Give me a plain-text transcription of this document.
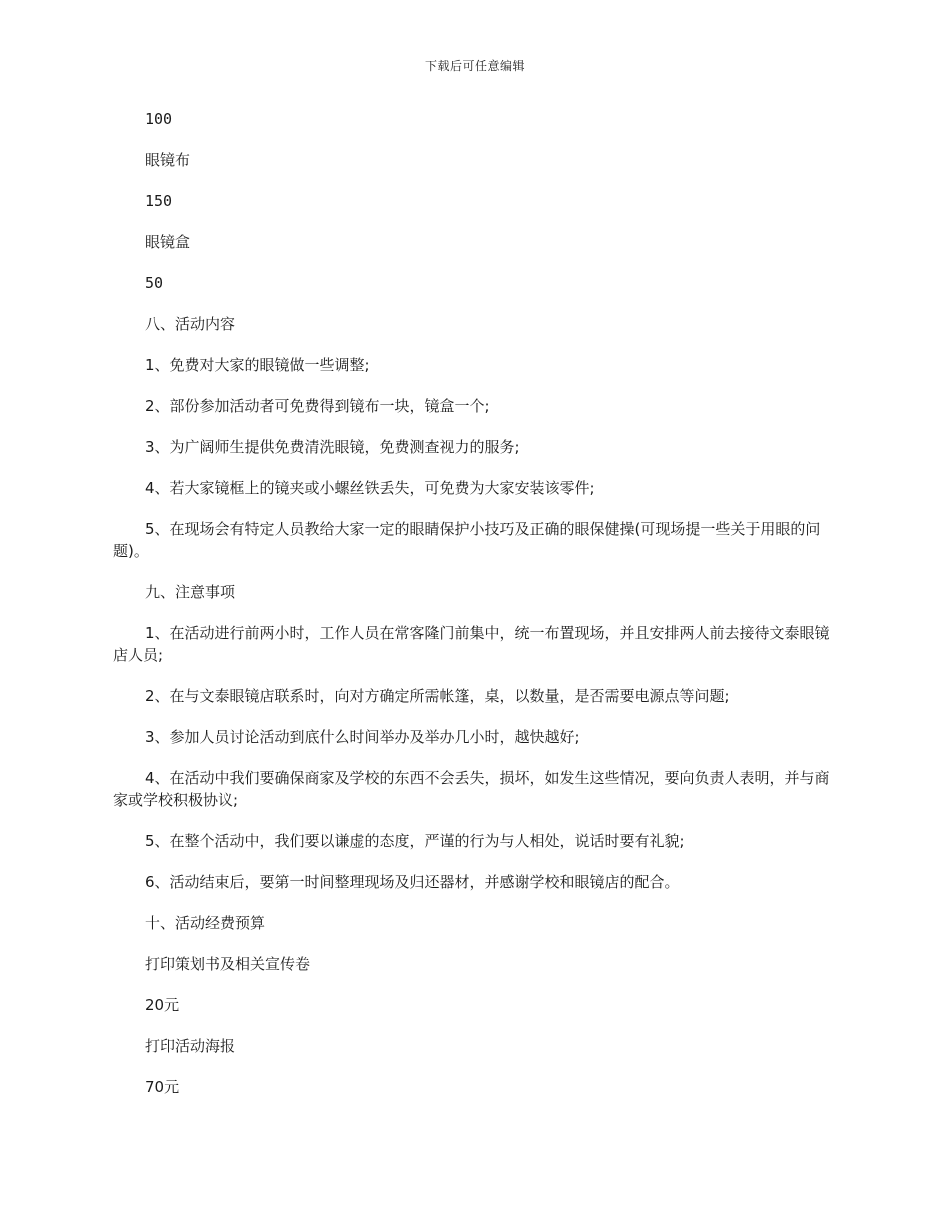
下载后可任意编辑

100

眼镜布

150

眼镜盒

50

八、活动内容

1、免费对大家的眼镜做一些调整;

2、部份参加活动者可免费得到镜布一块，镜盒一个;

3、为广阔师生提供免费清洗眼镜，免费测查视力的服务;

4、若大家镜框上的镜夹或小螺丝铁丢失，可免费为大家安装该零件;

5、在现场会有特定人员教给大家一定的眼睛保护小技巧及正确的眼保健操(可现场提一些关于用眼的问题)。

九、注意事项

1、在活动进行前两小时，工作人员在常客隆门前集中，统一布置现场，并且安排两人前去接待文泰眼镜店人员;

2、在与文泰眼镜店联系时，向对方确定所需帐篷，桌，以数量，是否需要电源点等问题;

3、参加人员讨论活动到底什么时间举办及举办几小时，越快越好;

4、在活动中我们要确保商家及学校的东西不会丢失，损坏，如发生这些情况，要向负责人表明，并与商家或学校积极协议;

5、在整个活动中，我们要以谦虚的态度，严谨的行为与人相处，说话时要有礼貌;

6、活动结束后，要第一时间整理现场及归还器材，并感谢学校和眼镜店的配合。

十、活动经费预算

打印策划书及相关宣传卷

20元

打印活动海报

70元
